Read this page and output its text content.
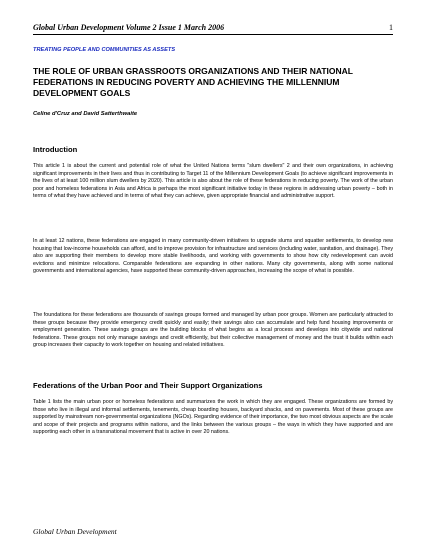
Global Urban Development Volume 2 Issue 1 March 2006	1
TREATING PEOPLE AND COMMUNITIES AS ASSETS
THE ROLE OF URBAN GRASSROOTS ORGANIZATIONS AND THEIR NATIONAL FEDERATIONS IN REDUCING POVERTY AND ACHIEVING THE MILLENNIUM DEVELOPMENT GOALS
Celine d'Cruz and David Satterthwaite
Introduction

This article 1 is about the current and potential role of what the United Nations terms "slum dwellers" 2 and their own organizations, in achieving significant improvements in their lives and thus in contributing to Target 11 of the Millennium Development Goals (to achieve significant improvements in the lives of at least 100 million slum dwellers by 2020). This article is also about the role of these federations in reducing poverty. The work of the urban poor and homeless federations in Asia and Africa is perhaps the most significant initiative today in these regions in addressing urban poverty – both in terms of what they have achieved and in terms of what they can achieve, given appropriate financial and administrative support.

In at least 12 nations, these federations are engaged in many community-driven initiatives to upgrade slums and squatter settlements, to develop new housing that low-income households can afford, and to improve provision for infrastructure and services (including water, sanitation, and drainage). They also are supporting their members to develop more stable livelihoods, and working with governments to show how city redevelopment can avoid evictions and minimize relocations. Comparable federations are expanding in other nations. Many city governments, along with some national governments and international agencies, have supported these community-driven approaches, increasing the scope of what is possible.

The foundations for these federations are thousands of savings groups formed and managed by urban poor groups. Women are particularly attracted to these groups because they provide emergency credit quickly and easily; their savings also can accumulate and help fund housing improvements or employment generation. These savings groups are the building blocks of what begins as a local process and develops into citywide and national federations. These groups not only manage savings and credit efficiently, but their collective management of money and the trust it builds within each group increases their capacity to work together on housing and related initiatives.

Federations of the Urban Poor and Their Support Organizations

Table 1 lists the main urban poor or homeless federations and summarizes the work in which they are engaged. These organizations are formed by those who live in illegal and informal settlements, tenements, cheap boarding houses, backyard shacks, and on pavements. Most of these groups are supported by mainstream non-governmental organizations (NGOs). Regarding evidence of their importance, the two most obvious aspects are the scale and scope of their projects and programs within nations, and the links between the various groups – the ways in which they have supported and are supporting each other in a transnational movement that is active in over 20 nations.

Global Urban Development
